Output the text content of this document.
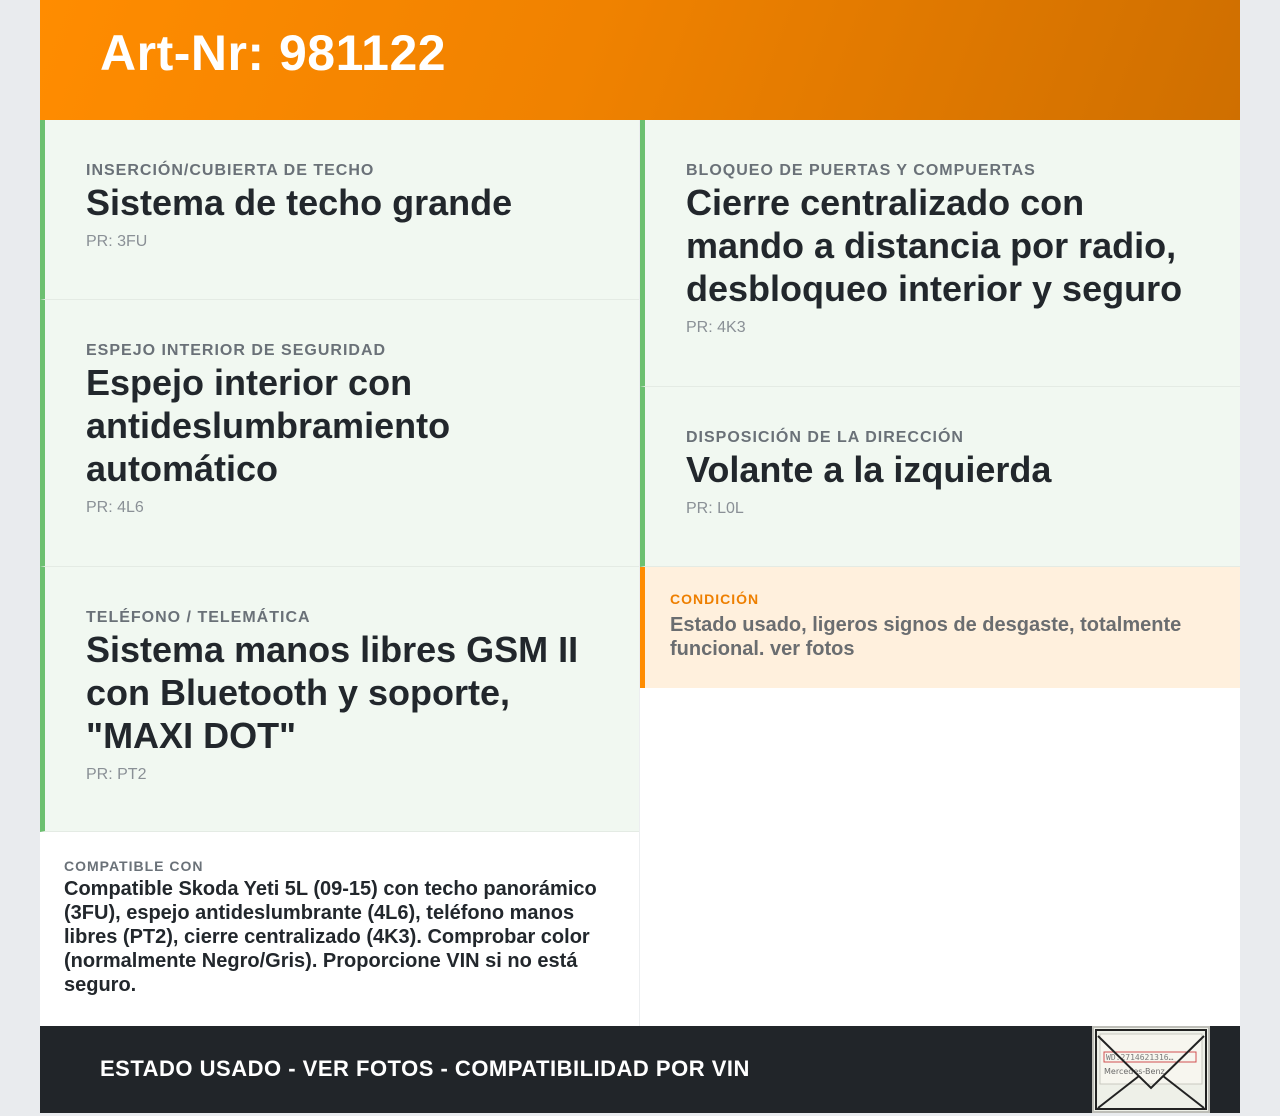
Art-Nr: 981122
INSERCIÓN/CUBIERTA DE TECHO
Sistema de techo grande
PR: 3FU
ESPEJO INTERIOR DE SEGURIDAD
Espejo interior con antideslumbramiento automático
PR: 4L6
TELÉFONO / TELEMÁTICA
Sistema manos libres GSM II con Bluetooth y soporte, "MAXI DOT"
PR: PT2
BLOQUEO DE PUERTAS Y COMPUERTAS
Cierre centralizado con mando a distancia por radio, desbloqueo interior y seguro
PR: 4K3
DISPOSICIÓN DE LA DIRECCIÓN
Volante a la izquierda
PR: L0L
CONDICIÓN
Estado usado, ligeros signos de desgaste, totalmente funcional. ver fotos
COMPATIBLE CON
Compatible Skoda Yeti 5L (09-15) con techo panorámico (3FU), espejo antideslumbrante (4L6), teléfono manos libres (PT2), cierre centralizado (4K3). Comprobar color (normalmente Negro/Gris). Proporcione VIN si no está seguro.
ESTADO USADO - VER FOTOS - COMPATIBILIDAD POR VIN	WD.2714621316…
Mercedes-Benz
